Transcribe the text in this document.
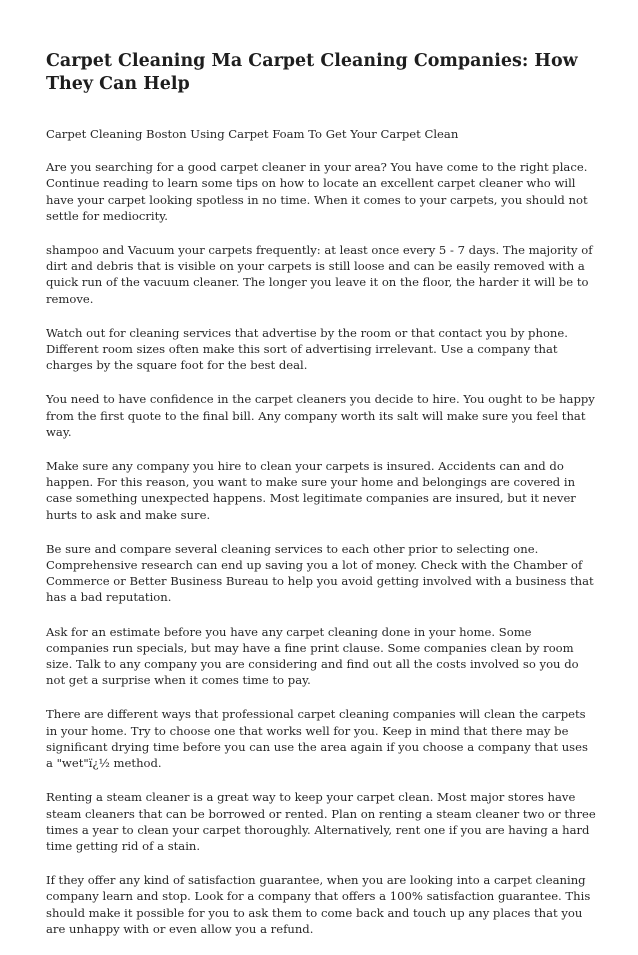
Carpet Cleaning Ma Carpet Cleaning Companies: How They Can Help

Carpet Cleaning Boston Using Carpet Foam To Get Your Carpet Clean

Are you searching for a good carpet cleaner in your area? You have come to the right place. Continue reading to learn some tips on how to locate an excellent carpet cleaner who will have your carpet looking spotless in no time. When it comes to your carpets, you should not settle for mediocrity.

shampoo and Vacuum your carpets frequently: at least once every 5 - 7 days. The majority of dirt and debris that is visible on your carpets is still loose and can be easily removed with a quick run of the vacuum cleaner. The longer you leave it on the floor, the harder it will be to remove.

Watch out for cleaning services that advertise by the room or that contact you by phone. Different room sizes often make this sort of advertising irrelevant. Use a company that charges by the square foot for the best deal.

You need to have confidence in the carpet cleaners you decide to hire. You ought to be happy from the first quote to the final bill. Any company worth its salt will make sure you feel that way.

Make sure any company you hire to clean your carpets is insured. Accidents can and do happen. For this reason, you want to make sure your home and belongings are covered in case something unexpected happens. Most legitimate companies are insured, but it never hurts to ask and make sure.

Be sure and compare several cleaning services to each other prior to selecting one. Comprehensive research can end up saving you a lot of money. Check with the Chamber of Commerce or Better Business Bureau to help you avoid getting involved with a business that has a bad reputation.

Ask for an estimate before you have any carpet cleaning done in your home. Some companies run specials, but may have a fine print clause. Some companies clean by room size. Talk to any company you are considering and find out all the costs involved so you do not get a surprise when it comes time to pay.

There are different ways that professional carpet cleaning companies will clean the carpets in your home. Try to choose one that works well for you. Keep in mind that there may be significant drying time before you can use the area again if you choose a company that uses a "wet"ï¿½ method.

Renting a steam cleaner is a great way to keep your carpet clean. Most major stores have steam cleaners that can be borrowed or rented. Plan on renting a steam cleaner two or three times a year to clean your carpet thoroughly. Alternatively, rent one if you are having a hard time getting rid of a stain.

If they offer any kind of satisfaction guarantee, when you are looking into a carpet cleaning company learn and stop. Look for a company that offers a 100% satisfaction guarantee. This should make it possible for you to ask them to come back and touch up any places that you are unhappy with or even allow you a refund.
